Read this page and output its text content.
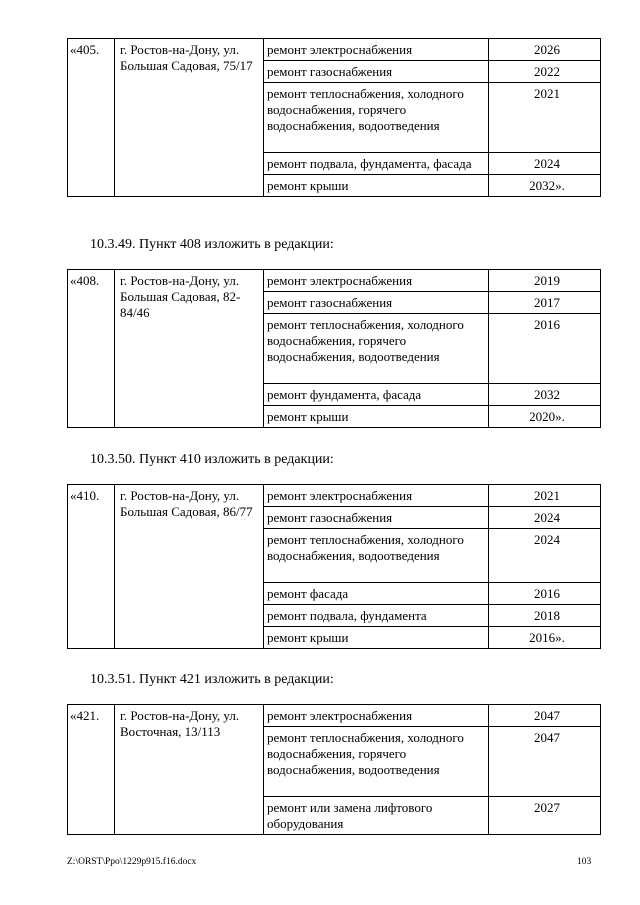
«405.	г. Ростов-на-Дону, ул. Большая Садовая, 75/17	ремонт электроснабжения	2026
		ремонт газоснабжения	2022
		ремонт теплоснабжения, холодного водоснабжения, горячего водоснабжения, водоотведения	2021
		ремонт подвала, фундамента, фасада	2024
		ремонт крыши	2032».
10.3.49. Пункт 408 изложить в редакции:
«408.	г. Ростов-на-Дону, ул. Большая Садовая, 82-84/46	ремонт электроснабжения	2019
		ремонт газоснабжения	2017
		ремонт теплоснабжения, холодного водоснабжения, горячего водоснабжения, водоотведения	2016
		ремонт фундамента, фасада	2032
		ремонт крыши	2020».
10.3.50. Пункт 410 изложить в редакции:
«410.	г. Ростов-на-Дону, ул. Большая Садовая, 86/77	ремонт электроснабжения	2021
		ремонт газоснабжения	2024
		ремонт теплоснабжения, холодного водоснабжения, водоотведения	2024
		ремонт фасада	2016
		ремонт подвала, фундамента	2018
		ремонт крыши	2016».
10.3.51. Пункт 421 изложить в редакции:
«421.	г. Ростов-на-Дону, ул. Восточная, 13/113	ремонт электроснабжения	2047
		ремонт теплоснабжения, холодного водоснабжения, горячего водоснабжения, водоотведения	2047
		ремонт или замена лифтового оборудования	2027
Z:\ORST\Ppo\1229p915.f16.docx	103
